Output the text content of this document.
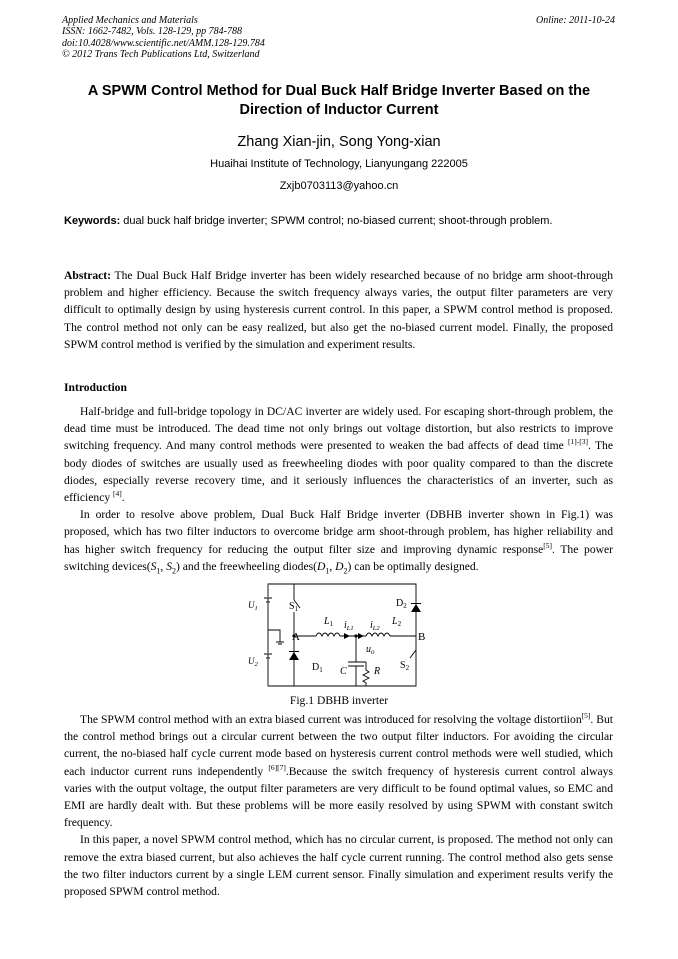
Applied Mechanics and Materials
ISSN: 1662-7482, Vols. 128-129, pp 784-788
doi:10.4028/www.scientific.net/AMM.128-129.784
© 2012 Trans Tech Publications Ltd, Switzerland
Online: 2011-10-24
A SPWM Control Method for Dual Buck Half Bridge Inverter Based on the Direction of Inductor Current
Zhang Xian-jin, Song Yong-xian
Huaihai Institute of Technology, Lianyungang 222005
Zxjb0703113@yahoo.cn
Keywords: dual buck half bridge inverter; SPWM control; no-biased current; shoot-through problem.
Abstract: The Dual Buck Half Bridge inverter has been widely researched because of no bridge arm shoot-through problem and higher efficiency. Because the switch frequency always varies, the output filter parameters are very difficult to optimally design by using hysteresis current control. In this paper, a SPWM control method is proposed. The control method not only can be easy realized, but also get the no-biased current model. Finally, the proposed SPWM control method is verified by the simulation and experiment results.
Introduction

Half-bridge and full-bridge topology in DC/AC inverter are widely used. For escaping short-through problem, the dead time must be introduced. The dead time not only brings out voltage distortion, but also restricts to improve switching frequency. And many control methods were presented to weaken the bad affects of dead time [1]-[3]. The body diodes of switches are usually used as freewheeling diodes with poor quality compared to than the discrete diodes, especially reverse recovery time, and it seriously influences the characteristics of an inverter, such as efficiency [4].

In order to resolve above problem, Dual Buck Half Bridge inverter (DBHB inverter shown in Fig.1) was proposed, which has two filter inductors to overcome bridge arm shoot-through problem, has higher reliability and has higher switch frequency for reducing the output filter size and improving dynamic response[5]. The power switching $devices(S_1$, $S_2$) and the freewheeling $diodes(D_1$, $D_2$) can be optimally designed.

$U_1$
$U_2$
$S_1$
A
$D_1$
$L_1$ $i_{L1}$ $i_{L2}$
$L_2$
$D_2$
B
$u_o$
C	R
$S_2$
Fig.1 DBHB inverter

The SPWM control method with an extra biased current was introduced for resolving the voltage distortiion[5]. But the control method brings out a circular current between the two output filter inductors. For avoiding the circular current, the no-biased half cycle current mode based on hysteresis current control methods were well studied, which each inductor current runs independently [6][7].Because the switch frequency of hysteresis current control always varies with the output voltage, the output filter parameters are very difficult to be found optimal values, so EMC and EMI are hardly dealt with. But these problems will be more easily resolved by using SPWM with constant switch frequency.

In this paper, a novel SPWM control method, which has no circular current, is proposed. The method not only can remove the extra biased current, but also achieves the half cycle current running. The control method also gets sense the two filter inductors current by a single LEM current sensor. Finally simulation and experiment results verify the proposed SPWM control method.
